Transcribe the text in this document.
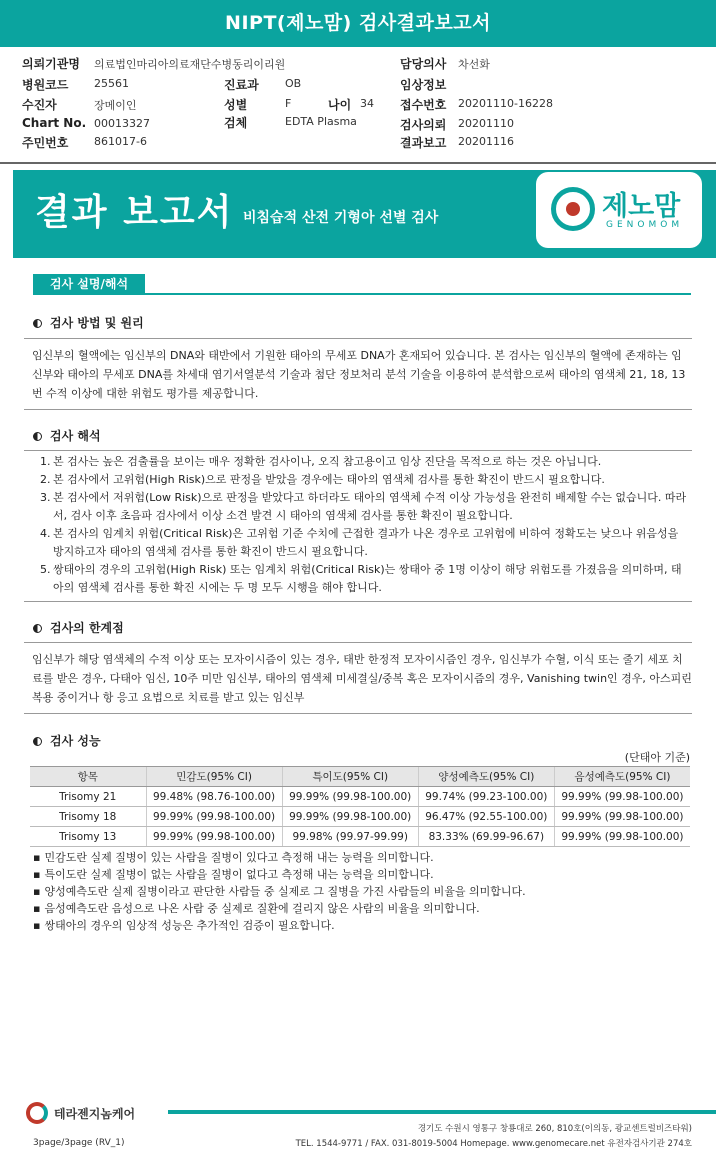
NIPT(제노맘) 검사결과보고서
의뢰기관명 의료법인마리아의료재단수병동리이리원
병원코드 25561	진료과 OB
수진자	장메이인	성별	F	나이 34
Chart No. 00013327	검체	EDTA Plasma
주민번호 861017-6
담당의사 차선화
임상정보
접수번호 20201110-16228
검사의뢰 20201110
결과보고 20201116
결과 보고서 비침습적 산전 기형아 선별 검사	제노맘
GENOMOM
검사 설명/해석
검사 방법 및 원리
임신부의 혈액에는 임신부의 DNA와 태반에서 기원한 태아의 무세포 DNA가 혼재되어 있습니다. 본 검사는 임신부의 혈액에 존재하는 임신부와 태아의 무세포 DNA를 차세대 염기서열분석 기술과 첨단 정보처리 분석 기술을 이용하여 분석함으로써 태아의 염색체 21, 18, 13번 수적 이상에 대한 위험도 평가를 제공합니다.
검사 해석
1. 본 검사는 높은 검출률을 보이는 매우 정확한 검사이나, 오직 참고용이고 임상 진단을 목적으로 하는 것은 아닙니다.
2. 본 검사에서 고위험(High Risk)으로 판정을 받았을 경우에는 태아의 염색체 검사를 통한 확진이 반드시 필요합니다.
3. 본 검사에서 저위험(Low Risk)으로 판정을 받았다고 하더라도 태아의 염색체 수적 이상 가능성을 완전히 배제할 수는 없습니다. 따라서, 검사 이후 초음파 검사에서 이상 소견 발견 시 태아의 염색체 검사를 통한 확진이 필요합니다.
4. 본 검사의 임계치 위험(Critical Risk)은 고위험 기준 수치에 근접한 결과가 나온 경우로 고위험에 비하여 정확도는 낮으나 위음성을 방지하고자 태아의 염색체 검사를 통한 확진이 반드시 필요합니다.
5. 쌍태아의 경우의 고위험(High Risk) 또는 임계치 위험(Critical Risk)는 쌍태아 중 1명 이상이 해당 위험도를 가졌음을 의미하며, 태아의 염색체 검사를 통한 확진 시에는 두 명 모두 시행을 해야 합니다.
검사의 한계점
임신부가 해당 염색체의 수적 이상 또는 모자이시즘이 있는 경우, 태반 한정적 모자이시즘인 경우, 임신부가 수혈, 이식 또는 줄기 세포 치료를 받은 경우, 다태아 임신, 10주 미만 임신부, 태아의 염색체 미세결실/중복 혹은 모자이시즘의 경우, Vanishing twin인 경우, 아스피린 복용 중이거나 항 응고 요법으로 치료를 받고 있는 임신부
검사 성능
(단태아 기준)
항목	민감도(95% CI)	특이도(95% CI)	양성예측도(95% CI)	음성예측도(95% CI)
Trisomy 21	99.48% (98.76-100.00)	99.99% (99.98-100.00)	99.74% (99.23-100.00)	99.99% (99.98-100.00)
Trisomy 18	99.99% (99.98-100.00)	99.99% (99.98-100.00)	96.47% (92.55-100.00)	99.99% (99.98-100.00)
Trisomy 13	99.99% (99.98-100.00)	99.98% (99.97-99.99)	83.33% (69.99-96.67)	99.99% (99.98-100.00)
▪ 민감도란 실제 질병이 있는 사람을 질병이 있다고 측정해 내는 능력을 의미합니다.
▪ 특이도란 실제 질병이 없는 사람을 질병이 없다고 측정해 내는 능력을 의미합니다.
▪ 양성예측도란 실제 질병이라고 판단한 사람들 중 실제로 그 질병을 가진 사람들의 비율을 의미합니다.
▪ 음성예측도란 음성으로 나온 사람 중 실제로 질환에 걸리지 않은 사람의 비율을 의미합니다.
▪ 쌍태아의 경우의 임상적 성능은 추가적인 검증이 필요합니다.
테라젠지놈케어
경기도 수원시 영통구 창룡대로 260, 810호(이의동, 광교센트럴비즈타워)
TEL. 1544-9771 / FAX. 031-8019-5004 Homepage. www.genomecare.net 유전자검사기관 274호
3page/3page (RV_1)
